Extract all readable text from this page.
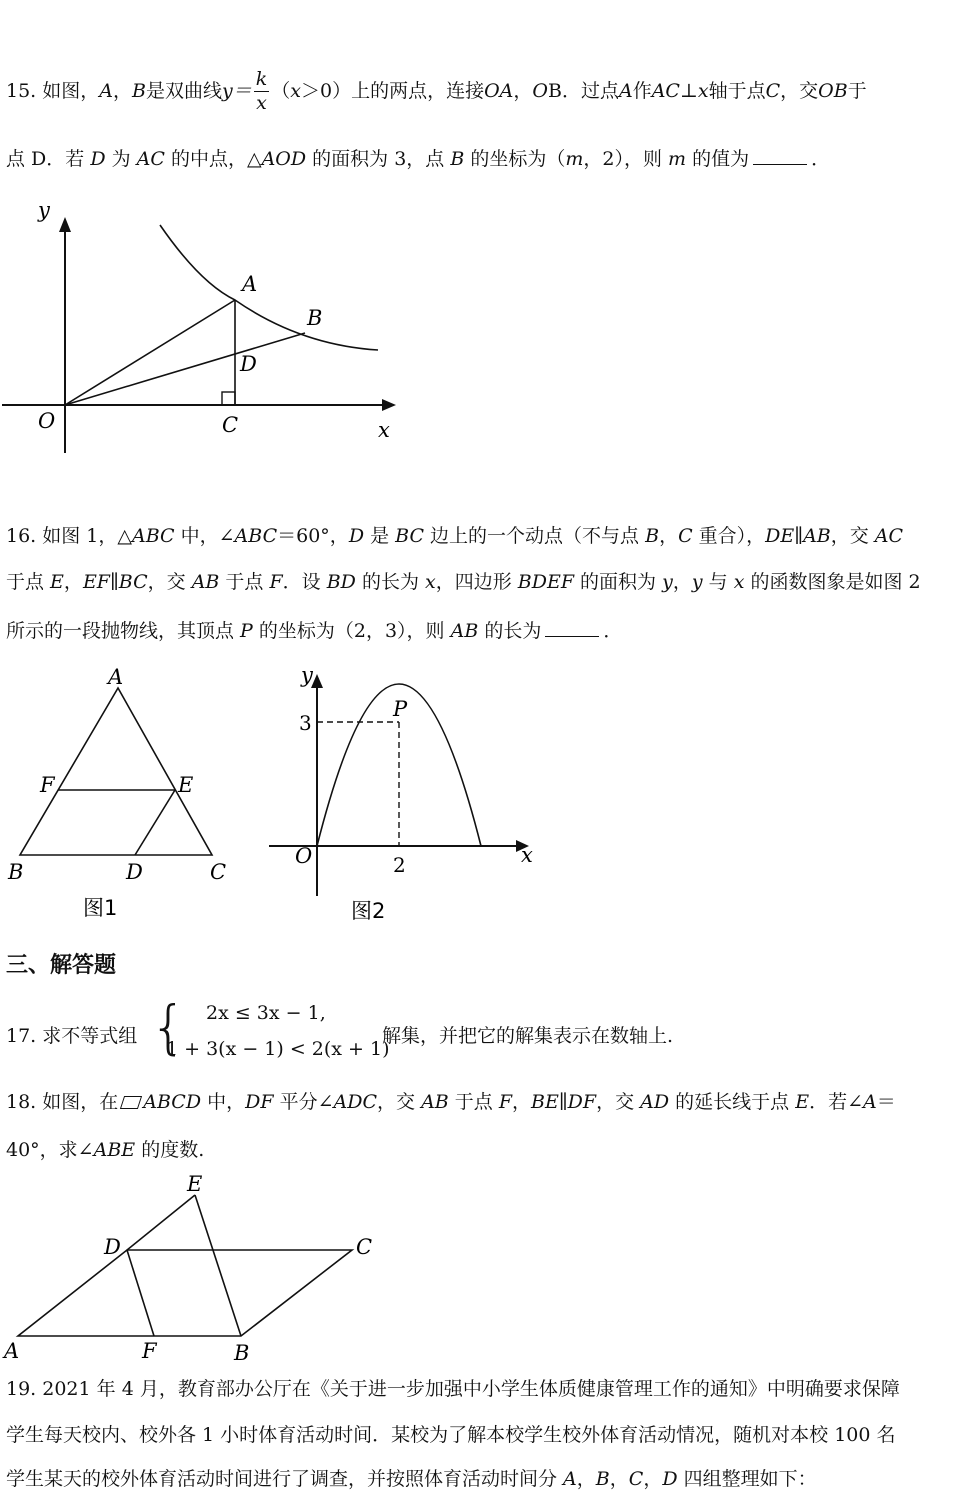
15. 如图， A ， B 是双曲线 $y= \frac{k}{x}$ （ x ＞0）上的两点，连接 OA ， O B．过点 A 作 AC ⊥ x 轴于点 C ，交 OB 于
点 D．若 D 为 AC 的中点，△AOD 的面积为 3，点 B 的坐标为（m，2），则 m 的值为	．
y
x
O
A
B
D
C
16. 如图 1，△ABC 中，∠ABC＝60°，D 是 BC 边上的一个动点（不与点 B，C 重合），DE∥AB，交 AC
于点 E，EF∥BC，交 AB 于点 F．设 BD 的长为 x，四边形 BDEF 的面积为 y，y 与 x 的函数图象是如图 2
所示的一段抛物线，其顶点 P 的坐标为（2，3），则 AB 的长为	．
A
F	E
B	D	C
图1
y
P
3
O	2	x
图2
三、解答题
17. 求不等式组 { 2x ≤ 3x − 1,
1 + 3(x − 1) < 2(x + 1)
解集，并把它的解集表示在数轴上.
18. 如图，在 ABCD 中，DF 平分∠ADC，交 AB 于点 F，BE∥DF，交 AD 的延长线于点 E．若∠A＝
40°，求∠ABE 的度数.
E
D	C
A	F	B
19. 2021 年 4 月，教育部办公厅在《关于进一步加强中小学生体质健康管理工作的通知》中明确要求保障
学生每天校内、校外各 1 小时体育活动时间．某校为了解本校学生校外体育活动情况，随机对本校 100 名
学生某天的校外体育活动时间进行了调查，并按照体育活动时间分 A，B，C，D 四组整理如下：
